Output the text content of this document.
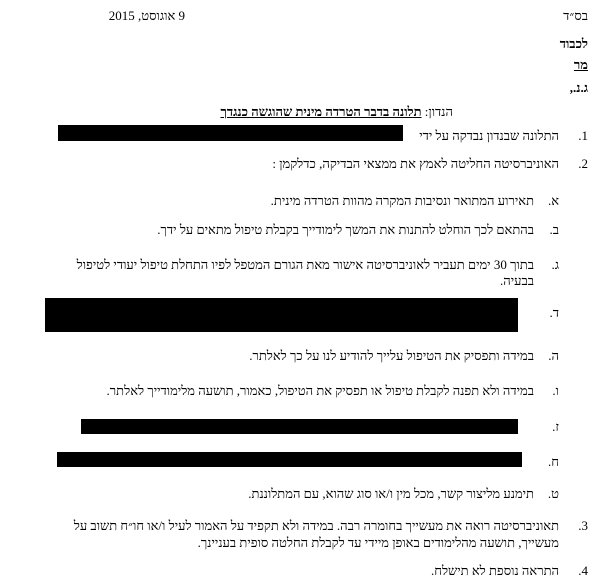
בס״ד
9 אוגוסט, 2015
לכבוד
מר
ג.נ.,
הנדון: תלונה בדבר הטרדה מינית שהוגשה כנגדך
1.
התלונה שבנדון נבדקה על ידי
2.
האוניברסיטה החליטה לאמץ את ממצאי הבדיקה, כדלקמן :
א.
תאירוע המתואר ונסיבות המקרה מהוות הטרדה מינית.
ב.
בהתאם לכך הוחלט להתנות את המשך לימודייך בקבלת טיפול מתאים על ידך.
ג.
בתוך 30 ימים תעביר לאוניברסיטה אישור מאת הגורם המטפל לפיו התחלת טיפול יעודי לטיפול
בבעיה.
ד.
ה.
במידה ותפסיק את הטיפול עלייך להודיע לנו על כך לאלתר.
ו.
במידה ולא תפנה לקבלת טיפול או תפסיק את הטיפול, כאמור, תושעה מלימודייך לאלתר.
ז.
ח.
ט.
תימנע מליצור קשר, מכל מין ו/או סוג שהוא, עם המתלוננת.
3.
תאוניברסיטה רואה את מעשייך בחומרה רבה. במידה ולא תקפיד על האמור לעיל ו/או חו״ח תשוב על
מעשייך, תושעה מהלימודים באופן מיידי עד לקבלת החלטה סופית בעניינך.
4.
התראה נוספת לא תישלח.
